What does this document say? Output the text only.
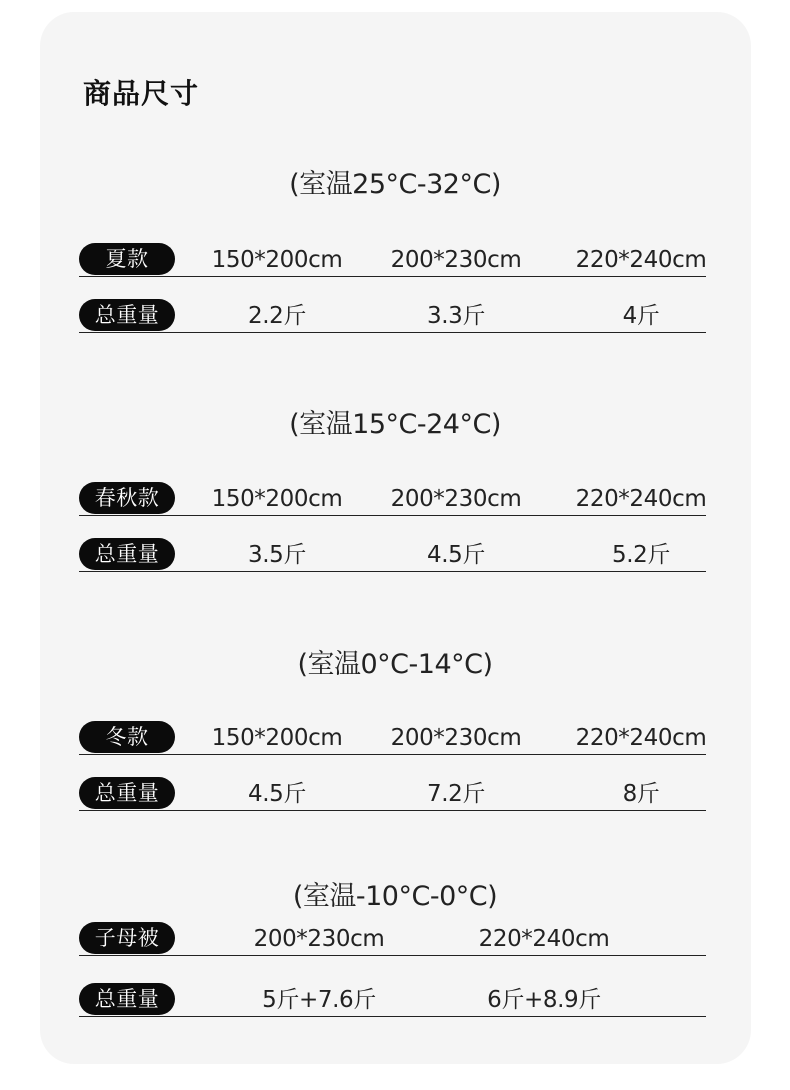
商品尺寸
(室温25°C-32°C)
夏款	150*200cm	200*230cm	220*240cm
总重量	2.2斤	3.3斤	4斤
(室温15°C-24°C)
春秋款	150*200cm	200*230cm	220*240cm
总重量	3.5斤	4.5斤	5.2斤
(室温0°C-14°C)
冬款	150*200cm	200*230cm	220*240cm
总重量	4.5斤	7.2斤	8斤
(室温-10°C-0°C)
子母被	200*230cm	220*240cm
总重量	5斤+7.6斤	6斤+8.9斤
